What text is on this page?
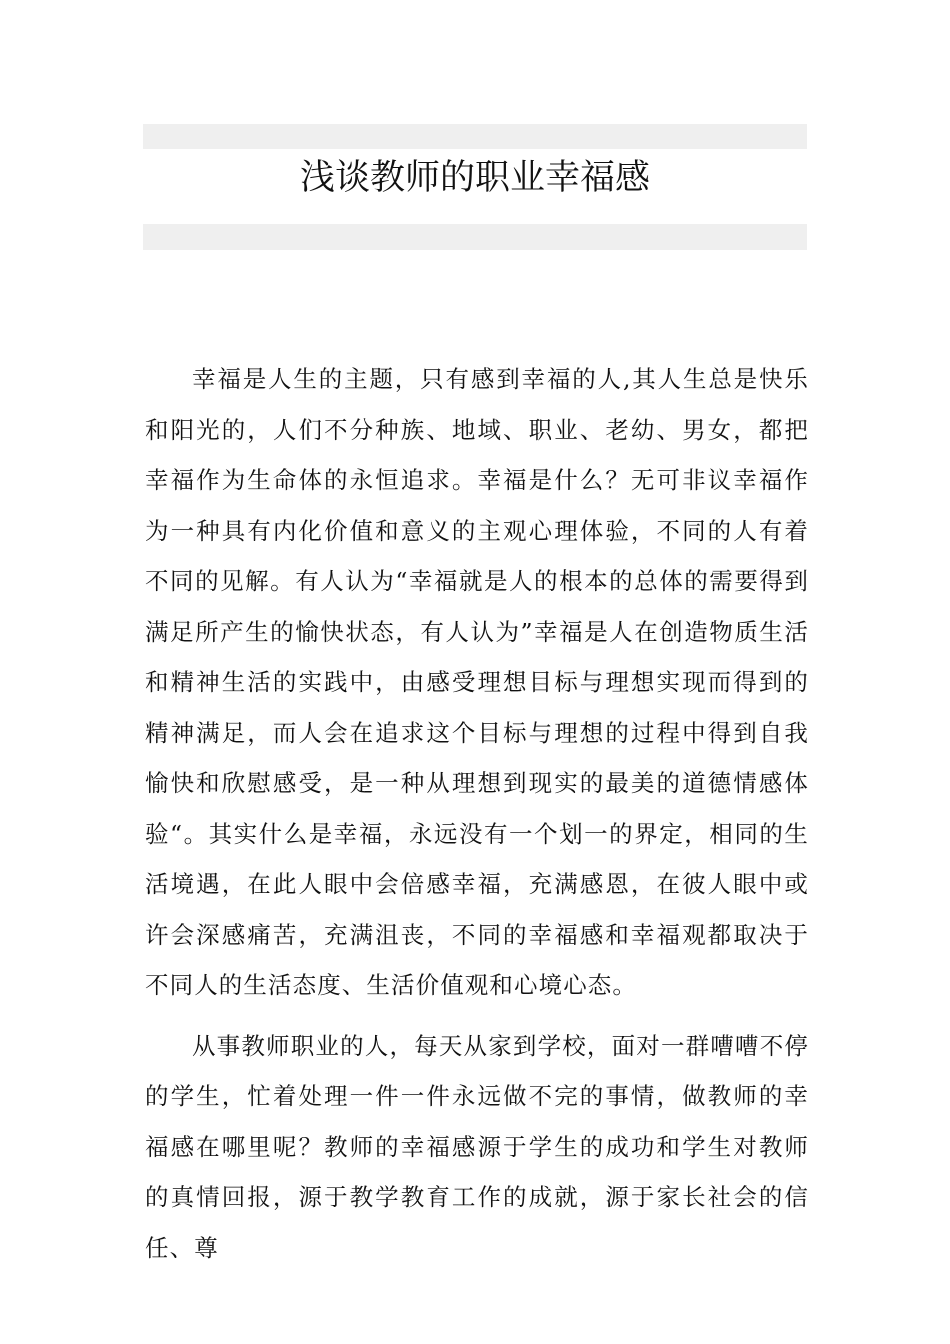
浅谈教师的职业幸福感

幸福是人生的主题，只有感到幸福的人,其人生总是快乐和阳光的，人们不分种族、地域、职业、老幼、男女，都把幸福作为生命体的永恒追求。幸福是什么？无可非议幸福作为一种具有内化价值和意义的主观心理体验，不同的人有着不同的见解。有人认为“幸福就是人的根本的总体的需要得到满足所产生的愉快状态，有人认为”幸福是人在创造物质生活和精神生活的实践中，由感受理想目标与理想实现而得到的精神满足，而人会在追求这个目标与理想的过程中得到自我愉快和欣慰感受，是一种从理想到现实的最美的道德情感体验“。其实什么是幸福，永远没有一个划一的界定，相同的生活境遇，在此人眼中会倍感幸福，充满感恩，在彼人眼中或许会深感痛苦，充满沮丧，不同的幸福感和幸福观都取决于不同人的生活态度、生活价值观和心境心态。

从事教师职业的人，每天从家到学校，面对一群嘈嘈不停的学生，忙着处理一件一件永远做不完的事情，做教师的幸福感在哪里呢？教师的幸福感源于学生的成功和学生对教师的真情回报，源于教学教育工作的成就，源于家长社会的信任、尊
